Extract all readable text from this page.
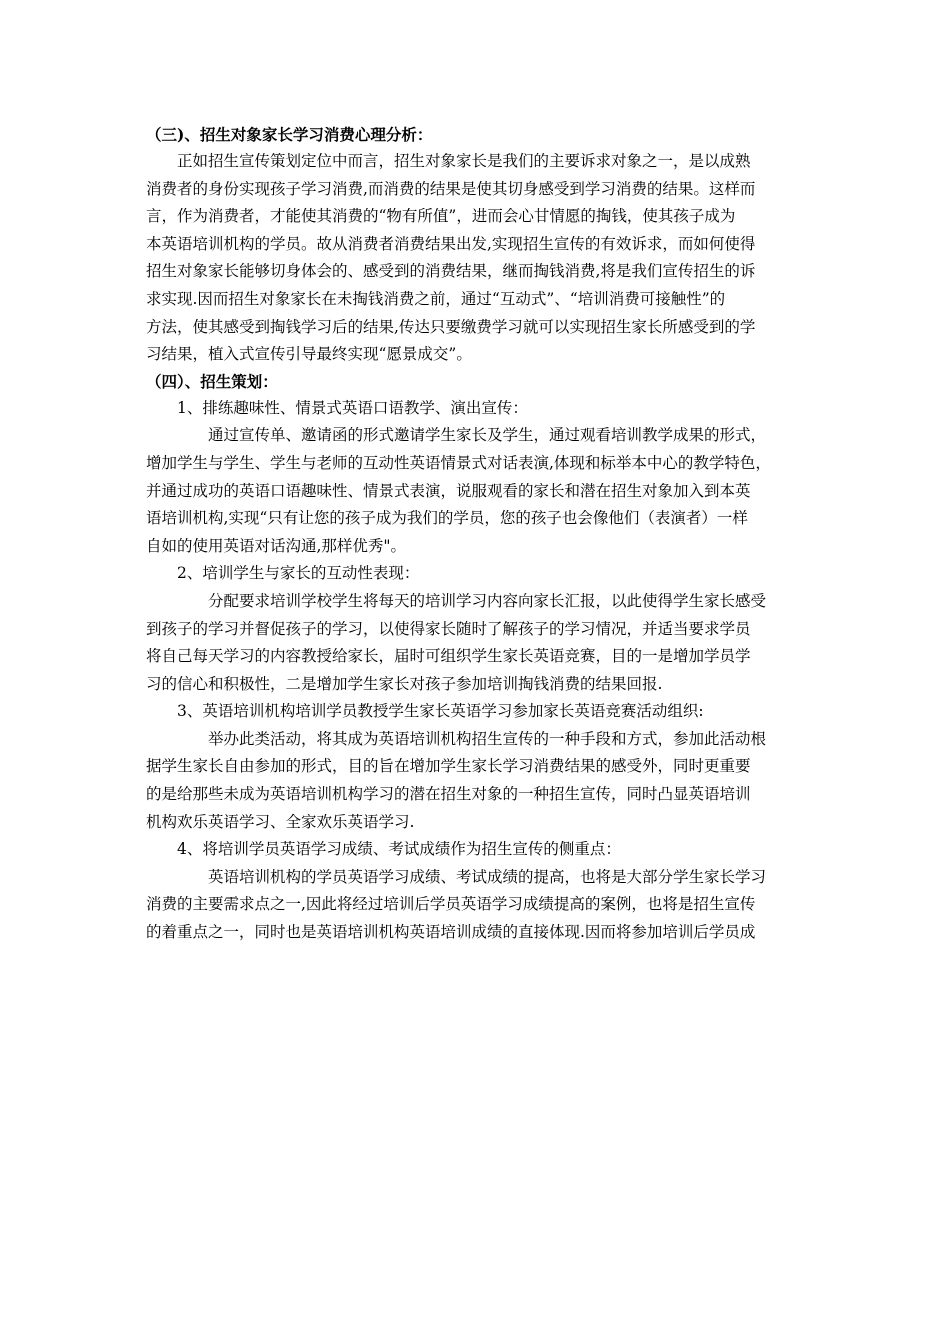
（三)、招生对象家长学习消费心理分析：
正如招生宣传策划定位中而言，招生对象家长是我们的主要诉求对象之一，是以成熟
消费者的身份实现孩子学习消费,而消费的结果是使其切身感受到学习消费的结果。这样而
言，作为消费者，才能使其消费的“物有所值”，进而会心甘情愿的掏钱，使其孩子成为
本英语培训机构的学员。故从消费者消费结果出发,实现招生宣传的有效诉求，而如何使得
招生对象家长能够切身体会的、感受到的消费结果，继而掏钱消费,将是我们宣传招生的诉
求实现.因而招生对象家长在未掏钱消费之前，通过“互动式”、“培训消费可接触性”的
方法，使其感受到掏钱学习后的结果,传达只要缴费学习就可以实现招生家长所感受到的学
习结果，植入式宣传引导最终实现“愿景成交”。
（四）、招生策划：
1、排练趣味性、情景式英语口语教学、演出宣传：
通过宣传单、邀请函的形式邀请学生家长及学生，通过观看培训教学成果的形式，
增加学生与学生、学生与老师的互动性英语情景式对话表演,体现和标举本中心的教学特色，
并通过成功的英语口语趣味性、情景式表演，说服观看的家长和潜在招生对象加入到本英
语培训机构,实现“只有让您的孩子成为我们的学员，您的孩子也会像他们（表演者）一样
自如的使用英语对话沟通,那样优秀"。
2、培训学生与家长的互动性表现：
分配要求培训学校学生将每天的培训学习内容向家长汇报，以此使得学生家长感受
到孩子的学习并督促孩子的学习，以使得家长随时了解孩子的学习情况，并适当要求学员
将自己每天学习的内容教授给家长，届时可组织学生家长英语竞赛，目的一是增加学员学
习的信心和积极性，二是增加学生家长对孩子参加培训掏钱消费的结果回报.
3、英语培训机构培训学员教授学生家长英语学习参加家长英语竞赛活动组织:
举办此类活动，将其成为英语培训机构招生宣传的一种手段和方式，参加此活动根
据学生家长自由参加的形式，目的旨在增加学生家长学习消费结果的感受外，同时更重要
的是给那些未成为英语培训机构学习的潜在招生对象的一种招生宣传，同时凸显英语培训
机构欢乐英语学习、全家欢乐英语学习.
4、将培训学员英语学习成绩、考试成绩作为招生宣传的侧重点：
英语培训机构的学员英语学习成绩、考试成绩的提高，也将是大部分学生家长学习
消费的主要需求点之一,因此将经过培训后学员英语学习成绩提高的案例，也将是招生宣传
的着重点之一，同时也是英语培训机构英语培训成绩的直接体现.因而将参加培训后学员成
